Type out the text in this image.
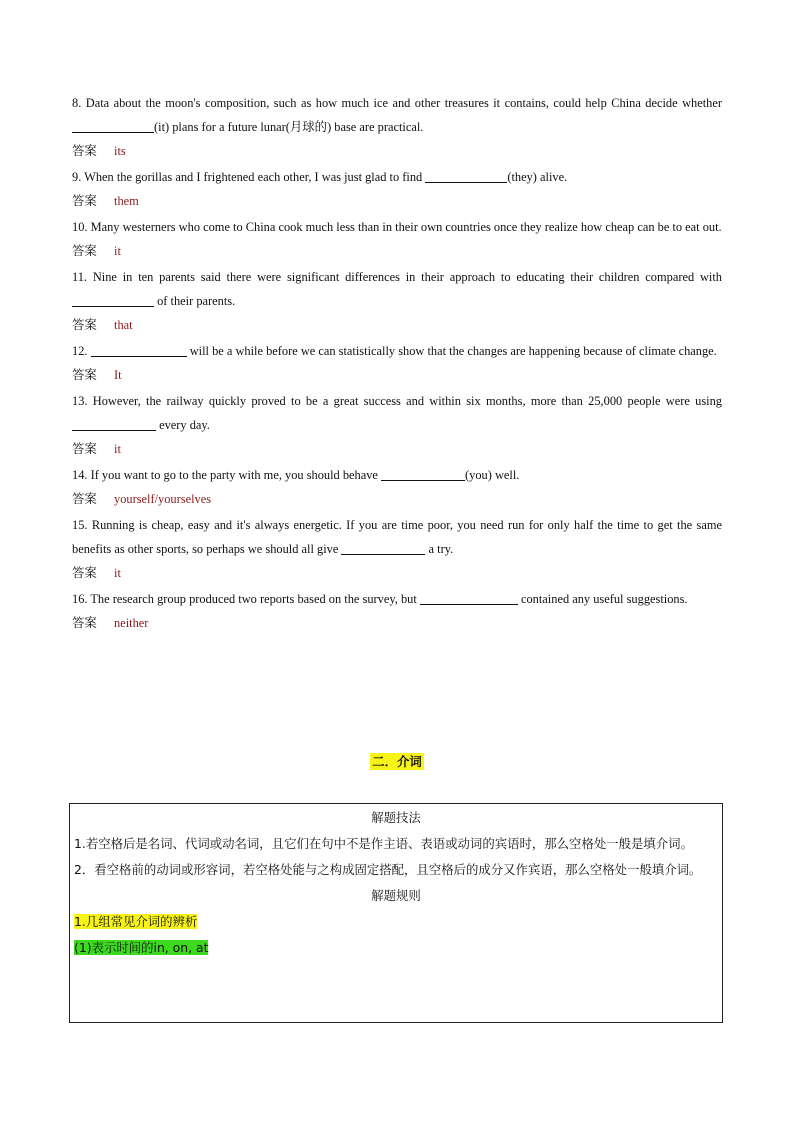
8. Data about the moon's composition, such as how much ice and other treasures it contains, could help China decide whether (it) plans for a future lunar(月球的) base are practical.
答案 its
9. When the gorillas and I frightened each other, I was just glad to find	(they) alive.
答案 them
10. Many westerners who come to China cook much less than in their own countries once they realize how cheap can be to eat out.
答案 it
11. Nine in ten parents said there were significant differences in their approach to educating their children compared with  of their parents.
答案 that
12.	will be a while before we can statistically show that the changes are happening because of climate change.
答案 It
13. However, the railway quickly proved to be a great success and within six months, more than 25,000 people were using  every day.
答案 it
14. If you want to go to the party with me, you should behave	(you) well.
答案 yourself/yourselves
15. Running is cheap, easy and it's always energetic. If you are time poor, you need run for only half the time to get the same benefits as other sports, so perhaps we should all give	a try.
答案 it
16. The research group produced two reports based on the survey, but	contained any useful suggestions.
答案 neither
二．介词

解题技法

1.若空格后是名词、代词或动名词，且它们在句中不是作主语、表语或动词的宾语时，那么空格处一般是填介词。

2．看空格前的动词或形容词，若空格处能与之构成固定搭配，且空格后的成分又作宾语，那么空格处一般填介词。

解题规则

1.几组常见介词的辨析

(1)表示时间的in, on, at
